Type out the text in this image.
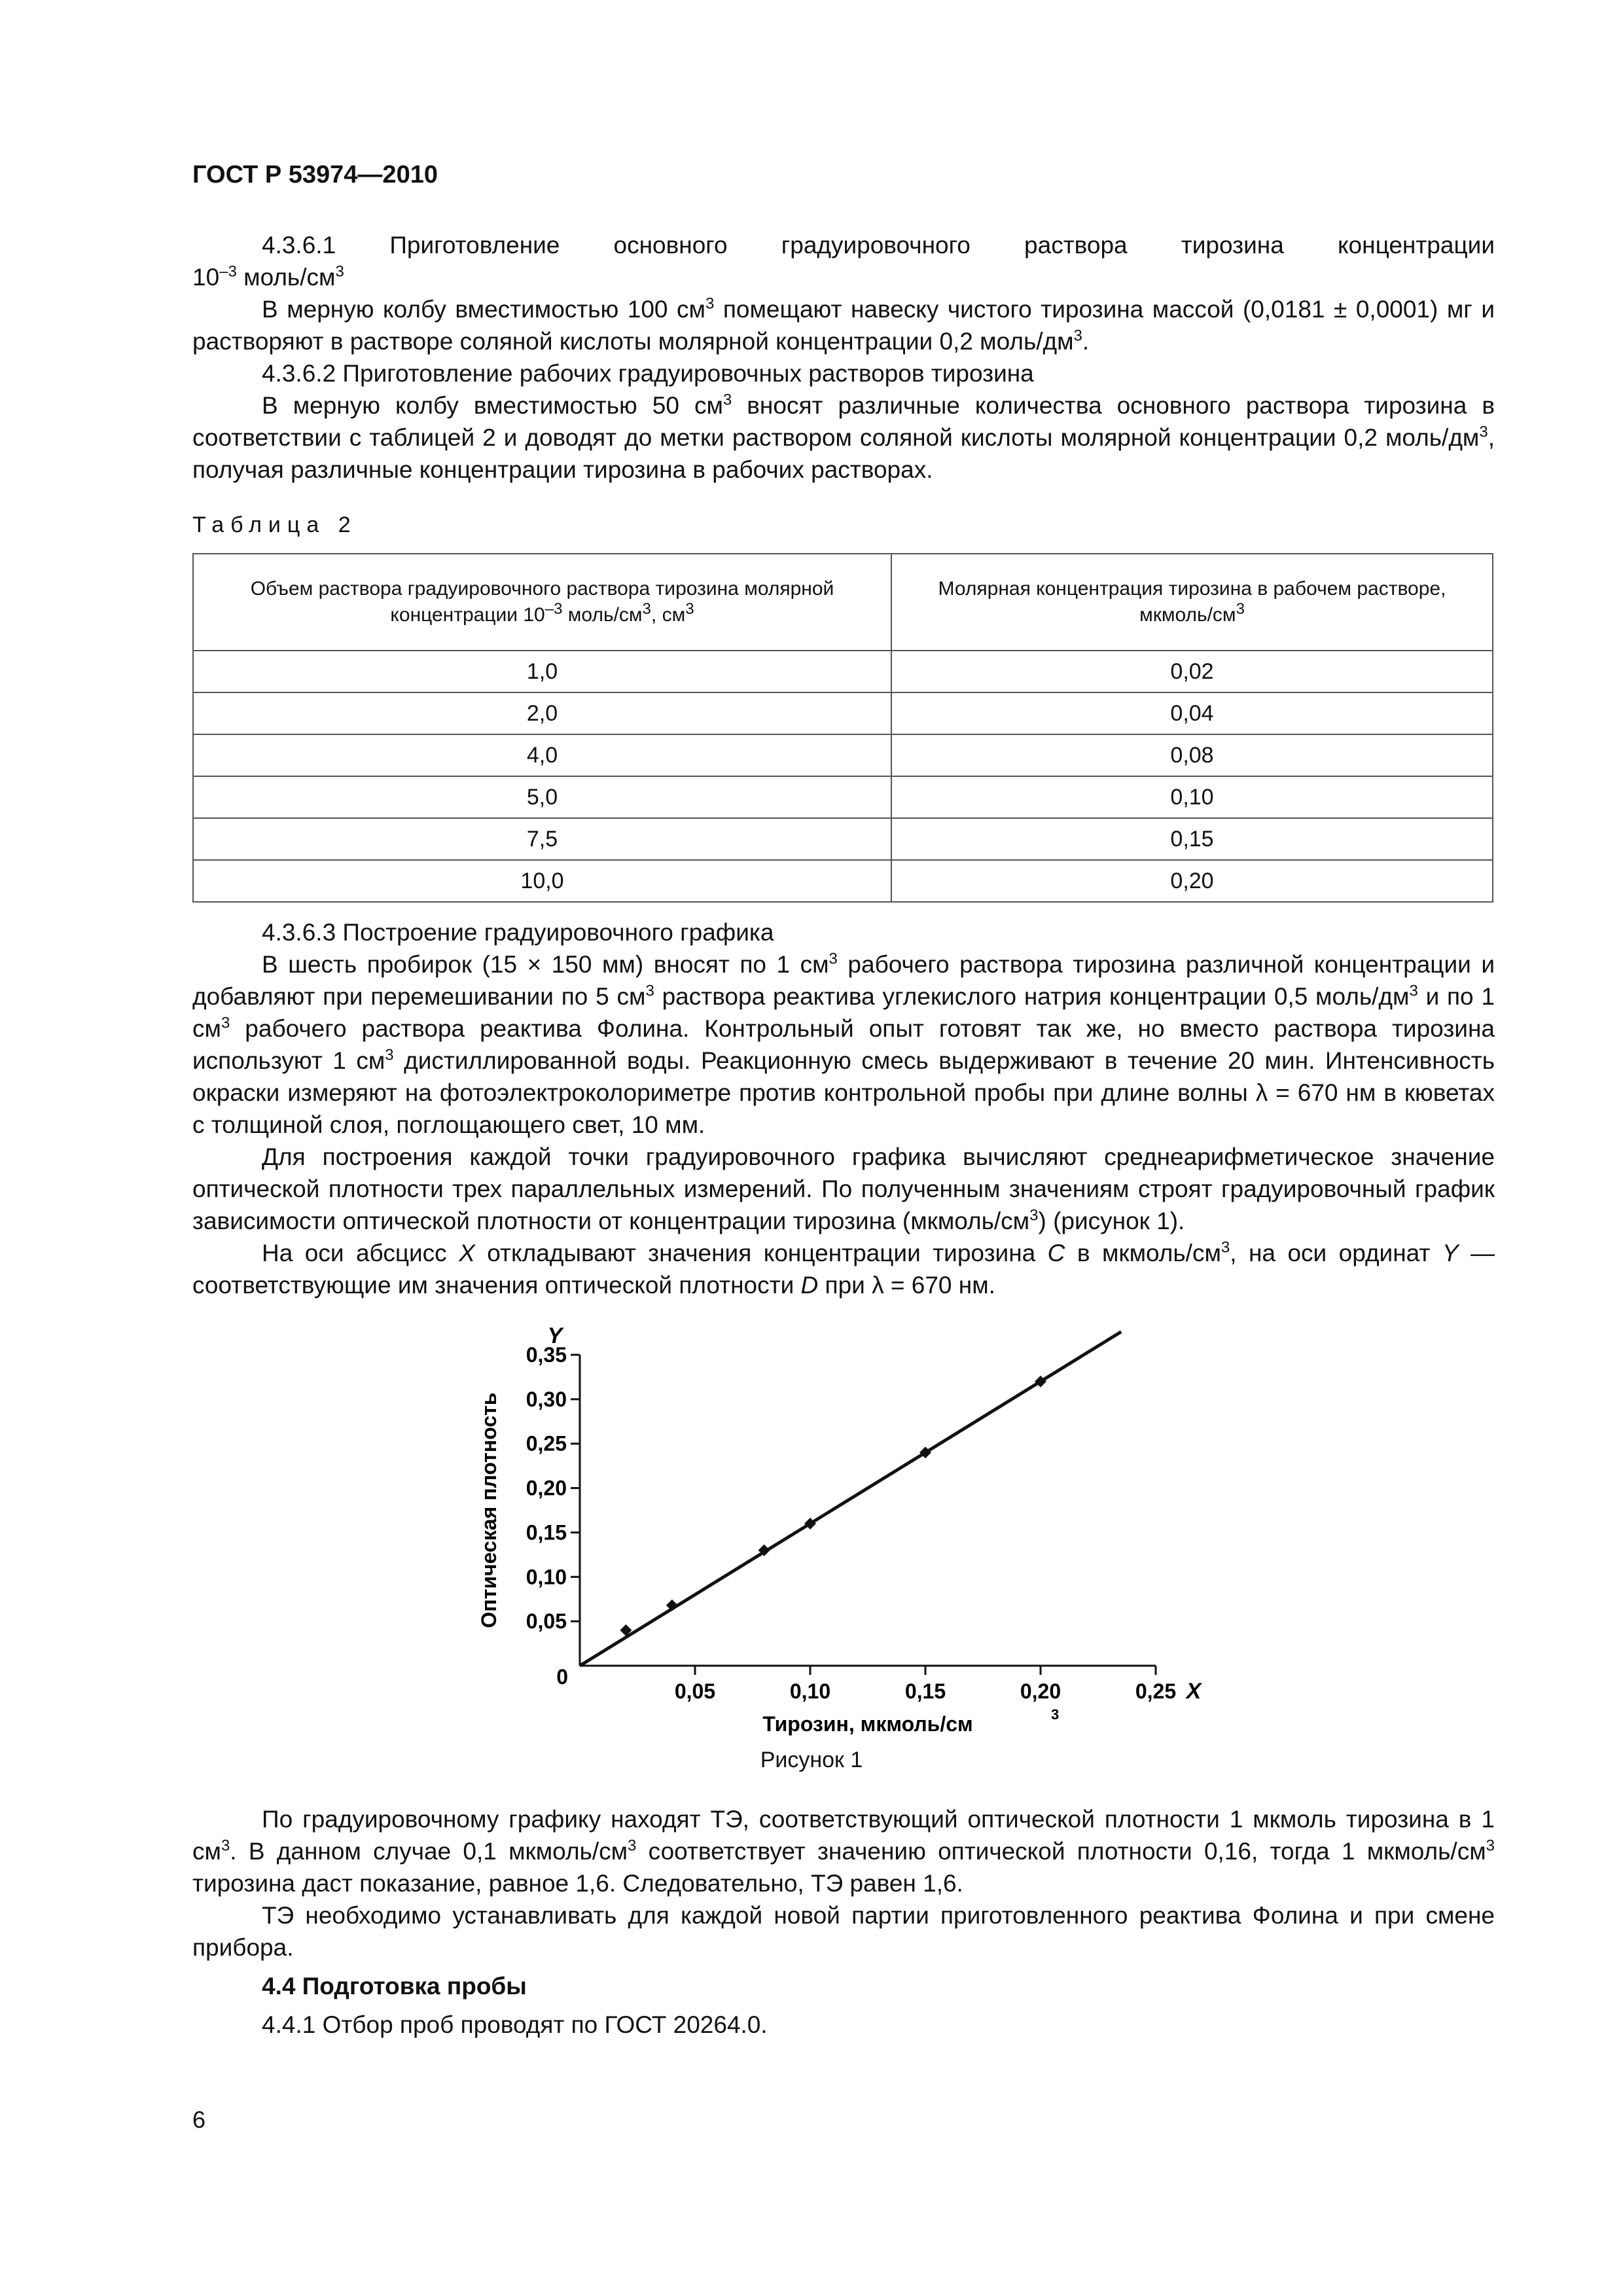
ГОСТ Р 53974—2010

4.3.6.1 Приготовление основного градуировочного раствора тирозина концентрации

$10^{-3}$ моль/$см^3$

В мерную колбу вместимостью 100 $см^3$ помещают навеску чистого тирозина массой (0,0181 ± 0,0001) мг и растворяют в растворе соляной кислоты молярной концентрации 0,2 моль/$дм^3$.

4.3.6.2 Приготовление рабочих градуировочных растворов тирозина

В мерную колбу вместимостью 50 $см^3$ вносят различные количества основного раствора тирозина в соответствии с таблицей 2 и доводят до метки раствором соляной кислоты молярной концентрации 0,2 моль/$дм^3$, получая различные концентрации тирозина в рабочих растворах.

Таблица 2
Объем раствора градуировочного раствора тирозина молярной концентрации $10^{-3}$ моль/$см^3$, $см^3$	Молярная концентрация тирозина в рабочем растворе, мкмоль/$см^3$
1,0	0,02
2,0	0,04
4,0	0,08
5,0	0,10
7,5	0,15
10,0	0,20

4.3.6.3 Построение градуировочного графика

В шесть пробирок (15 × 150 мм) вносят по 1 $см^3$ рабочего раствора тирозина различной концентрации и добавляют при перемешивании по 5 $см^3$ раствора реактива углекислого натрия концентрации 0,5 моль/$дм^3$ и по 1 $см^3$ рабочего раствора реактива Фолина. Контрольный опыт готовят так же, но вместо раствора тирозина используют 1 $см^3$ дистиллированной воды. Реакционную смесь выдерживают в течение 20 мин. Интенсивность окраски измеряют на фотоэлектроколориметре против контрольной пробы при длине волны λ = 670 нм в кюветах с толщиной слоя, поглощающего свет, 10 мм.

Для построения каждой точки градуировочного графика вычисляют среднеарифметическое значение оптической плотности трех параллельных измерений. По полученным значениям строят градуировочный график зависимости оптической плотности от концентрации тирозина $(мкмоль/см^3)$ (рисунок 1).

На оси абсцисс X откладывают значения концентрации тирозина C в мкмоль/$см^3$, на оси ординат Y — соответствующие им значения оптической плотности D при λ = 670 нм.

0,05	0,10	0,15	0,20	0,25
0,05
0,10
0,15
0,20
0,25
0,30
0,35
0
X
Y
Тирозин, мкмоль/см	3
Оптическая плотность
Рисунок 1

По градуировочному графику находят ТЭ, соответствующий оптической плотности 1 мкмоль тирозина в 1 $см^3$. В данном случае 0,1 мкмоль/$см^3$ соответствует значению оптической плотности 0,16, тогда 1 мкмоль/$см^3$ тирозина даст показание, равное 1,6. Следовательно, ТЭ равен 1,6.

ТЭ необходимо устанавливать для каждой новой партии приготовленного реактива Фолина и при смене прибора.

4.4 Подготовка пробы

4.4.1 Отбор проб проводят по ГОСТ 20264.0.

6
